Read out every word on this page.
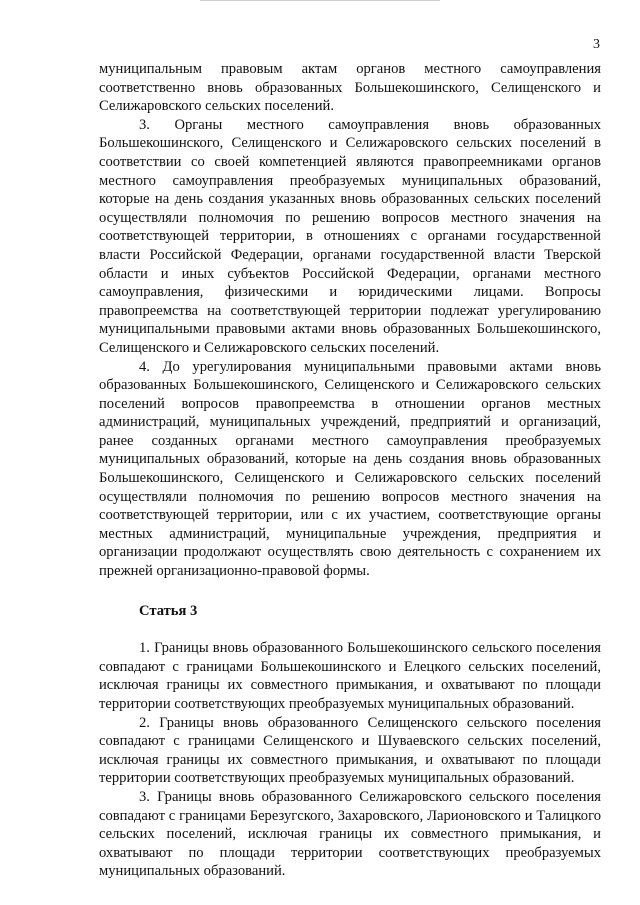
3

муниципальным правовым актам органов местного самоуправления соответственно вновь образованных Большекошинского, Селищенского и Селижаровского сельских поселений.

3. Органы местного самоуправления вновь образованных Большекошинского, Селищенского и Селижаровского сельских поселений в соответствии со своей компетенцией являются правопреемниками органов местного самоуправления преобразуемых муниципальных образований, которые на день создания указанных вновь образованных сельских поселений осуществляли полномочия по решению вопросов местного значения на соответствующей территории, в отношениях с органами государственной власти Российской Федерации, органами государственной власти Тверской области и иных субъектов Российской Федерации, органами местного самоуправления, физическими и юридическими лицами. Вопросы правопреемства на соответствующей территории подлежат урегулированию муниципальными правовыми актами вновь образованных Большекошинского, Селищенского и Селижаровского сельских поселений.

4. До урегулирования муниципальными правовыми актами вновь образованных Большекошинского, Селищенского и Селижаровского сельских поселений вопросов правопреемства в отношении органов местных администраций, муниципальных учреждений, предприятий и организаций, ранее созданных органами местного самоуправления преобразуемых муниципальных образований, которые на день создания вновь образованных Большекошинского, Селищенского и Селижаровского сельских поселений осуществляли полномочия по решению вопросов местного значения на соответствующей территории, или с их участием, соответствующие органы местных администраций, муниципальные учреждения, предприятия и организации продолжают осуществлять свою деятельность с сохранением их прежней организационно-правовой формы.

Статья 3

1. Границы вновь образованного Большекошинского сельского поселения совпадают с границами Большекошинского и Елецкого сельских поселений, исключая границы их совместного примыкания, и охватывают по площади территории соответствующих преобразуемых муниципальных образований.

2. Границы вновь образованного Селищенского сельского поселения совпадают с границами Селищенского и Шуваевского сельских поселений, исключая границы их совместного примыкания, и охватывают по площади территории соответствующих преобразуемых муниципальных образований.

3. Границы вновь образованного Селижаровского сельского поселения совпадают с границами Березугского, Захаровского, Ларионовского и Талицкого сельских поселений, исключая границы их совместного примыкания, и охватывают по площади территории соответствующих преобразуемых муниципальных образований.
